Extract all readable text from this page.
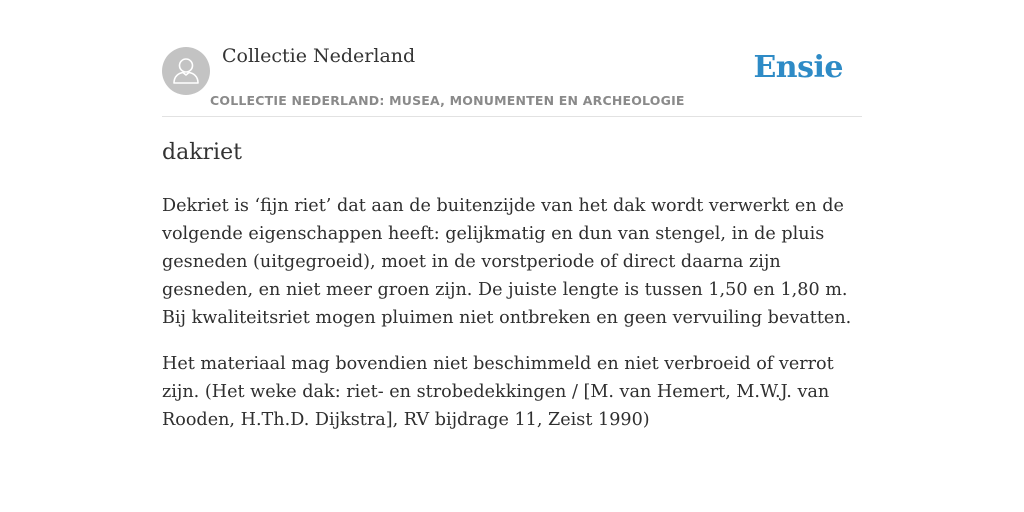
Collectie Nederland
COLLECTIE NEDERLAND: MUSEA, MONUMENTEN EN ARCHEOLOGIE
Ensie
dakriet

Dekriet is ‘fijn riet’ dat aan de buitenzijde van het dak wordt verwerkt en de volgende eigenschappen heeft: gelijkmatig en dun van stengel, in de pluis gesneden (uitgegroeid), moet in de vorstperiode of direct daarna zijn gesneden, en niet meer groen zijn. De juiste lengte is tussen 1,50 en 1,80 m. Bij kwaliteitsriet mogen pluimen niet ontbreken en geen vervuiling bevatten.

Het materiaal mag bovendien niet beschimmeld en niet verbroeid of verrot zijn. (Het weke dak: riet- en strobedekkingen / [M. van Hemert, M.W.J. van Rooden, H.Th.D. Dijkstra], RV bijdrage 11, Zeist 1990)
